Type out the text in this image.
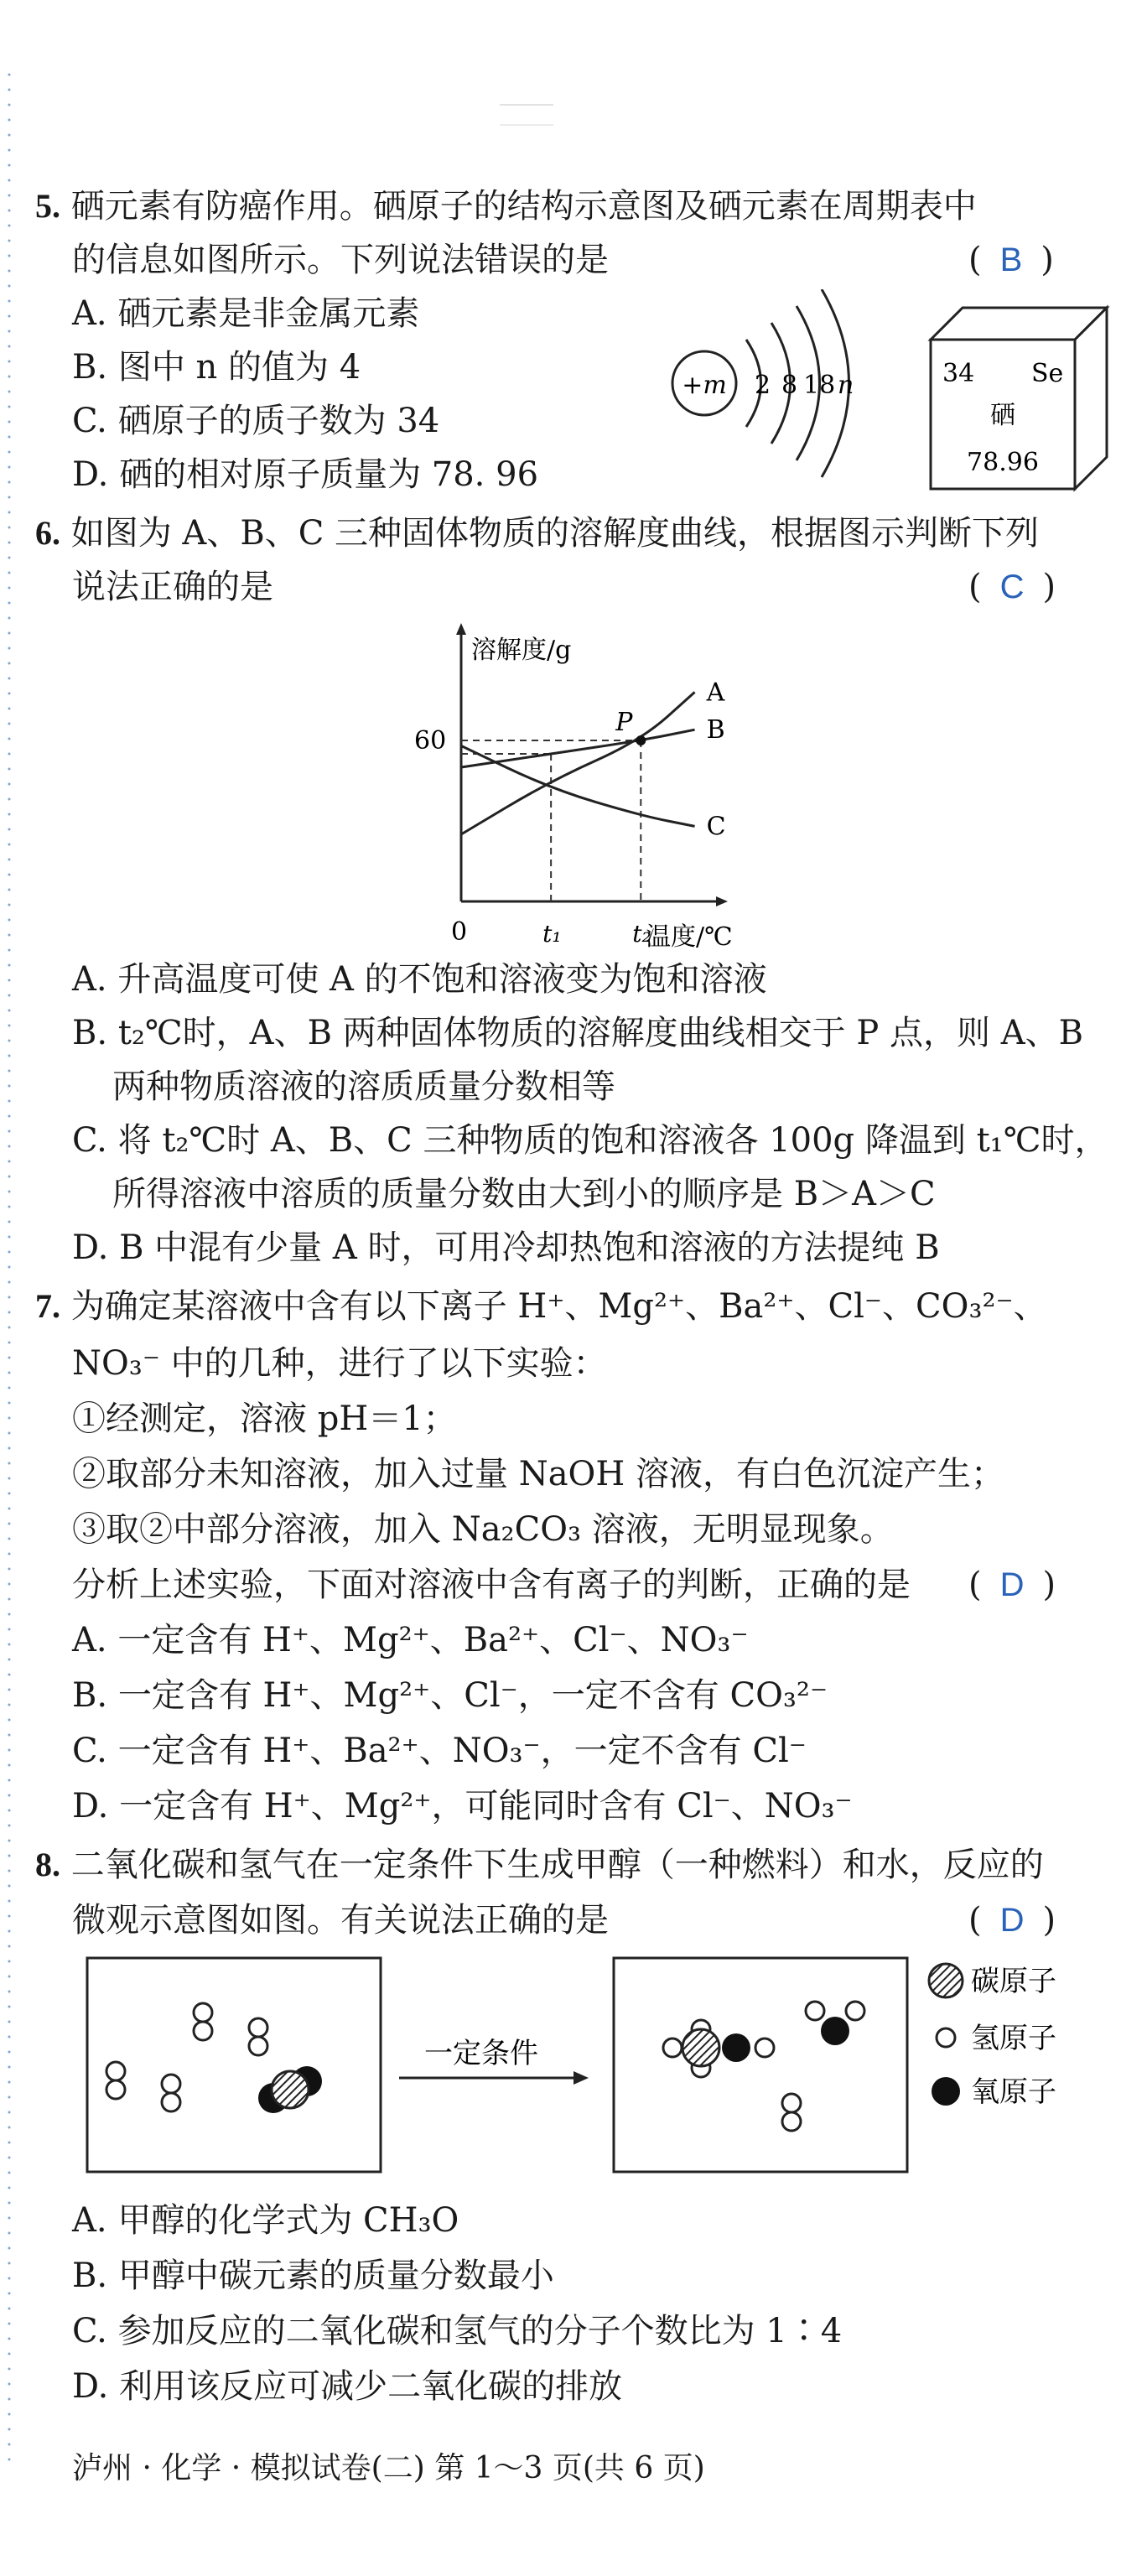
5. 硒元素有防癌作用。硒原子的结构示意图及硒元素在周期表中
的信息如图所示。下列说法错误的是	( B )
A. 硒元素是非金属元素
B. 图中 n 的值为 4
C. 硒原子的质子数为 34
D. 硒的相对原子质量为 78. 96
+m 2 8 18 n	34 Se
硒
78.96
6. 如图为 A、B、C 三种固体物质的溶解度曲线，根据图示判断下列
说法正确的是	( C )
P
溶解度/g
温度/℃
0
60
t₁	t₂
A
B
C
A. 升高温度可使 A 的不饱和溶液变为饱和溶液
B. t₂℃时，A、B 两种固体物质的溶解度曲线相交于 P 点，则 A、B
两种物质溶液的溶质质量分数相等
C. 将 t₂℃时 A、B、C 三种物质的饱和溶液各 100g 降温到 t₁℃时，
所得溶液中溶质的质量分数由大到小的顺序是 B＞A＞C
D. B 中混有少量 A 时，可用冷却热饱和溶液的方法提纯 B
7. 为确定某溶液中含有以下离子 H⁺、Mg²⁺、Ba²⁺、Cl⁻、CO₃²⁻、
NO₃⁻ 中的几种，进行了以下实验：
①经测定，溶液 pH＝1；
②取部分未知溶液，加入过量 NaOH 溶液，有白色沉淀产生；
③取②中部分溶液，加入 Na₂CO₃ 溶液，无明显现象。
分析上述实验，下面对溶液中含有离子的判断，正确的是 ( D )
A. 一定含有 H⁺、Mg²⁺、Ba²⁺、Cl⁻、NO₃⁻
B. 一定含有 H⁺、Mg²⁺、Cl⁻，一定不含有 CO₃²⁻
C. 一定含有 H⁺、Ba²⁺、NO₃⁻，一定不含有 Cl⁻
D. 一定含有 H⁺、Mg²⁺，可能同时含有 Cl⁻、NO₃⁻
8. 二氧化碳和氢气在一定条件下生成甲醇（一种燃料）和水，反应的
微观示意图如图。有关说法正确的是	( D )
一定条件
碳原子
氢原子
氧原子
A. 甲醇的化学式为 CH₃O
B. 甲醇中碳元素的质量分数最小
C. 参加反应的二氧化碳和氢气的分子个数比为 1∶4
D. 利用该反应可减少二氧化碳的排放
泸州 · 化学 · 模拟试卷(二) 第 1～3 页(共 6 页)
